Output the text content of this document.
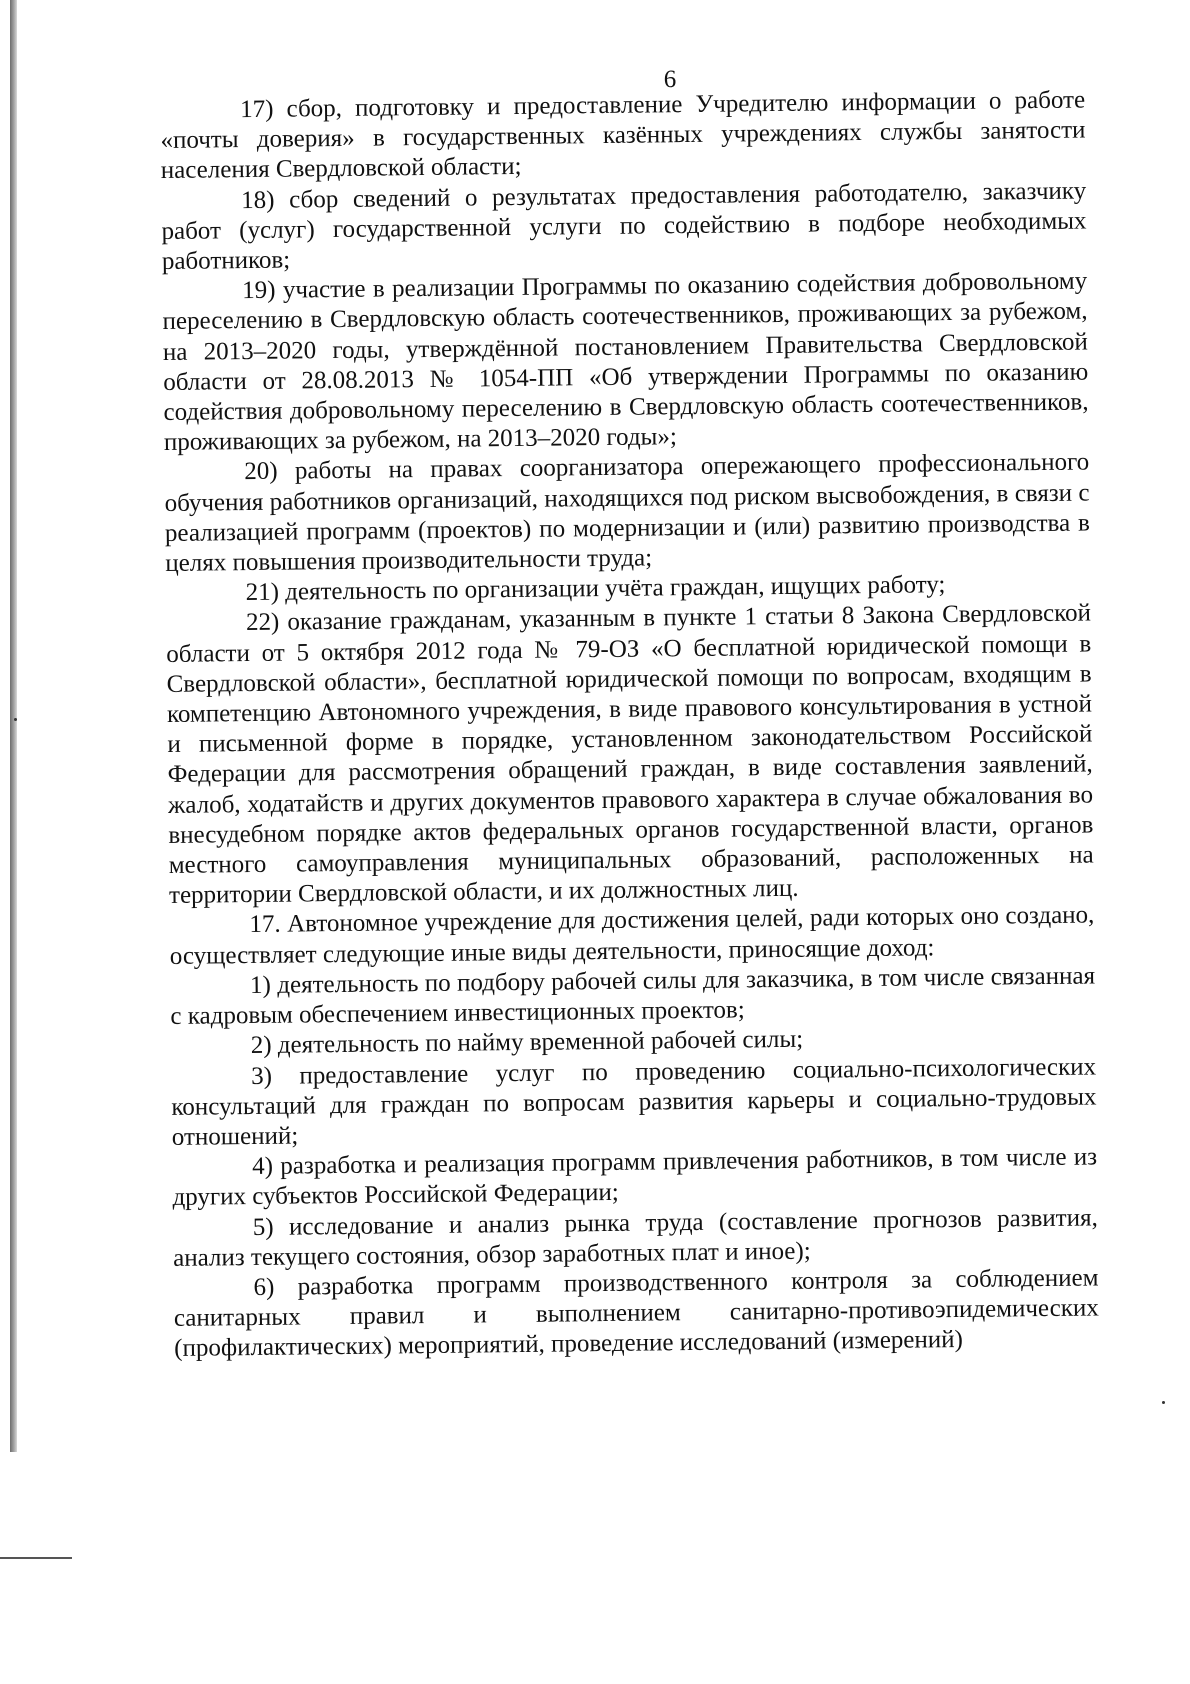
6

17) сбор, подготовку и предоставление Учредителю информации о работе «почты доверия» в государственных казённых учреждениях службы занятости населения Свердловской области;

18) сбор сведений о результатах предоставления работодателю, заказчику работ (услуг) государственной услуги по содействию в подборе необходимых работников;

19) участие в реализации Программы по оказанию содействия добровольному переселению в Свердловскую область соотечественников, проживающих за рубежом, на 2013–2020 годы, утверждённой постановлением Правительства Свердловской области от 28.08.2013 № 1054-ПП «Об утверждении Программы по оказанию содействия добровольному переселению в Свердловскую область соотечественников, проживающих за рубежом, на 2013–2020 годы»;

20) работы на правах соорганизатора опережающего профессионального обучения работников организаций, находящихся под риском высвобождения, в связи с реализацией программ (проектов) по модернизации и (или) развитию производства в целях повышения производительности труда;

21) деятельность по организации учёта граждан, ищущих работу;

22) оказание гражданам, указанным в пункте 1 статьи 8 Закона Свердловской области от 5 октября 2012 года № 79-ОЗ «О бесплатной юридической помощи в Свердловской области», бесплатной юридической помощи по вопросам, входящим в компетенцию Автономного учреждения, в виде правового консультирования в устной и письменной форме в порядке, установленном законодательством Российской Федерации для рассмотрения обращений граждан, в виде составления заявлений, жалоб, ходатайств и других документов правового характера в случае обжалования во внесудебном порядке актов федеральных органов государственной власти, органов местного самоуправления муниципальных образований, расположенных на территории Свердловской области, и их должностных лиц.

17. Автономное учреждение для достижения целей, ради которых оно создано, осуществляет следующие иные виды деятельности, приносящие доход:

1) деятельность по подбору рабочей силы для заказчика, в том числе связанная с кадровым обеспечением инвестиционных проектов;

2) деятельность по найму временной рабочей силы;

3) предоставление услуг по проведению социально-психологических консультаций для граждан по вопросам развития карьеры и социально-трудовых отношений;

4) разработка и реализация программ привлечения работников, в том числе из других субъектов Российской Федерации;

5) исследование и анализ рынка труда (составление прогнозов развития, анализ текущего состояния, обзор заработных плат и иное);

6) разработка программ производственного контроля за соблюдением санитарных правил и выполнением санитарно-противоэпидемических (профилактических) мероприятий, проведение исследований (измерений)
